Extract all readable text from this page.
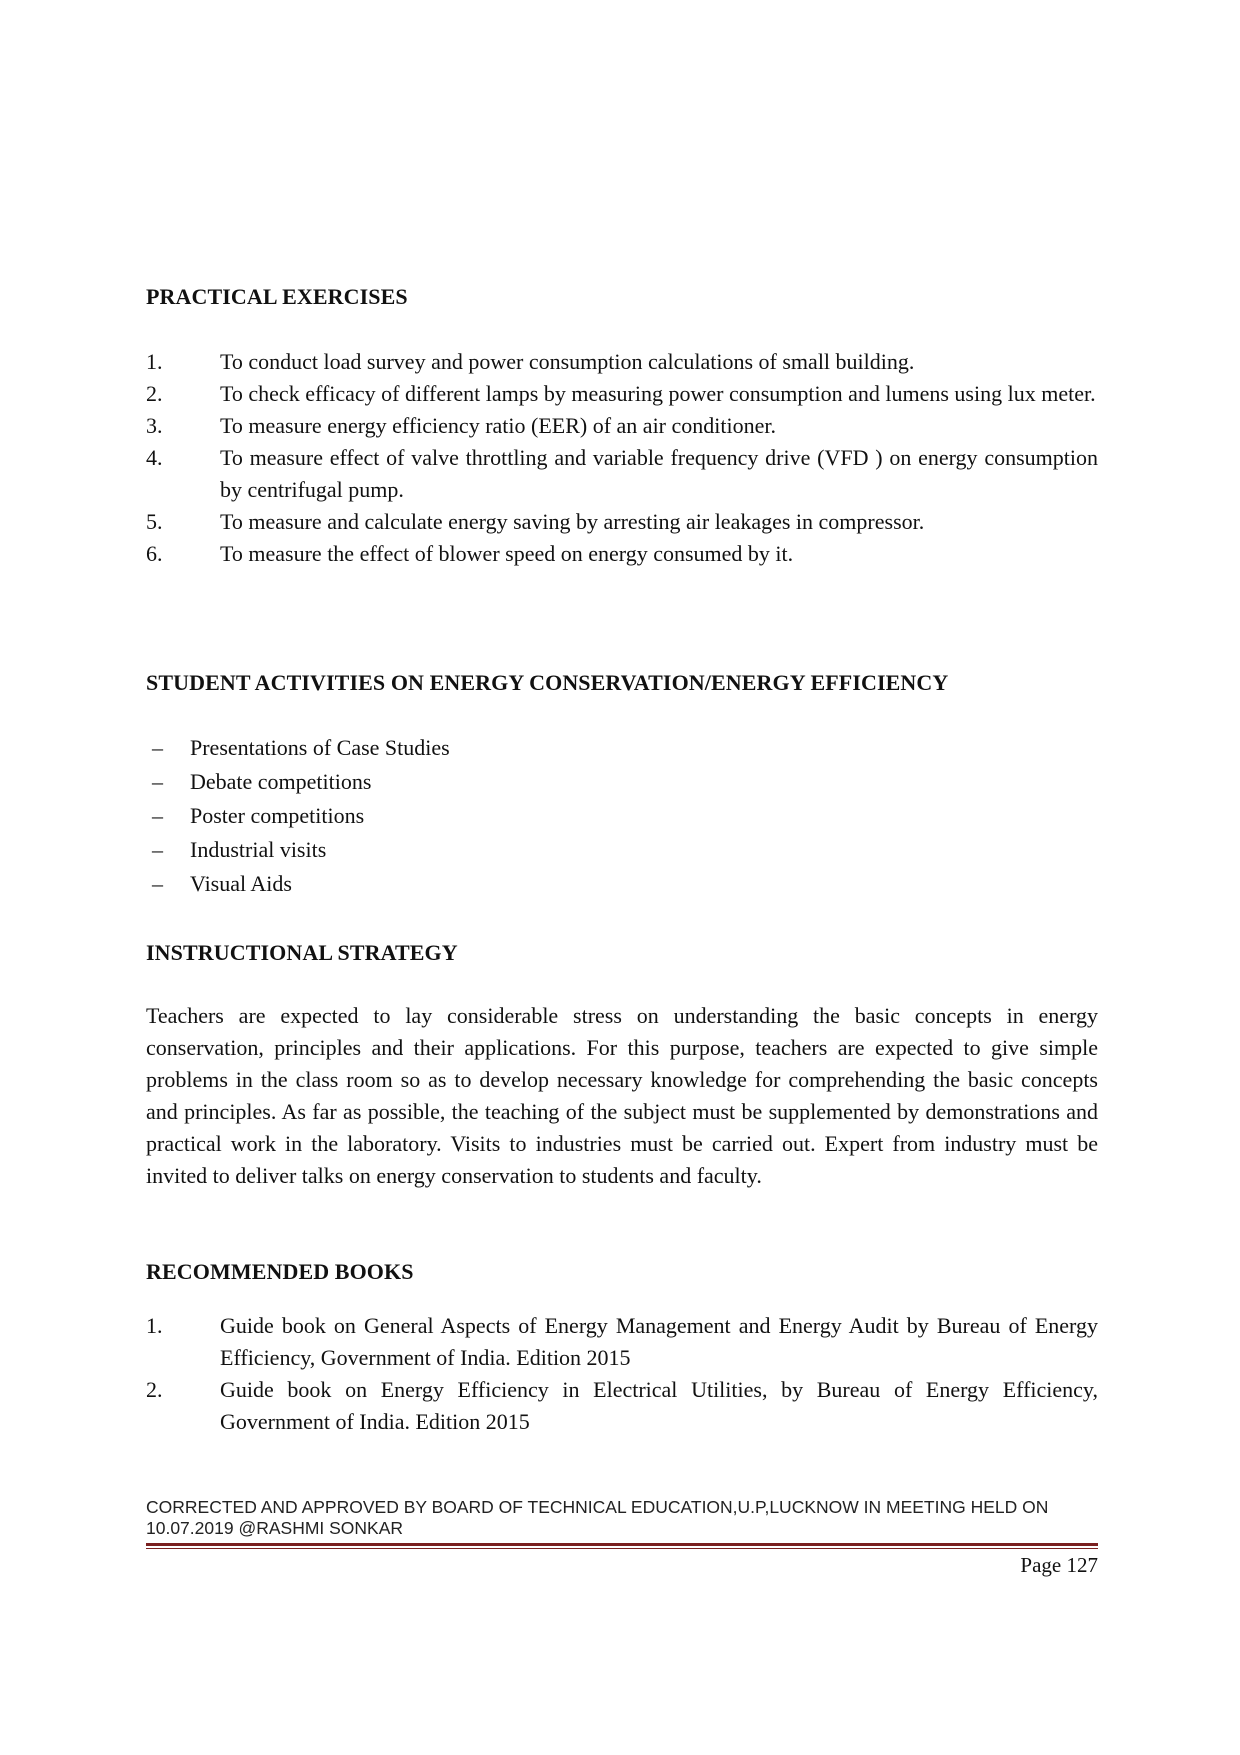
PRACTICAL EXERCISES
1.	To conduct load survey and power consumption calculations of small building.
2.	To check efficacy of different lamps by measuring power consumption and lumens using lux meter.
3.	To measure energy efficiency ratio (EER) of an air conditioner.
4.	To measure effect of valve throttling and variable frequency drive (VFD ) on energy consumption by centrifugal pump.
5.	To measure and calculate energy saving by arresting air leakages in compressor.
6.	To measure the effect of blower speed on energy consumed by it.
STUDENT ACTIVITIES ON ENERGY CONSERVATION/ENERGY EFFICIENCY
– Presentations of Case Studies
– Debate competitions
– Poster competitions
– Industrial visits
– Visual Aids
INSTRUCTIONAL STRATEGY

Teachers are expected to lay considerable stress on understanding the basic concepts in energy conservation, principles and their applications. For this purpose, teachers are expected to give simple problems in the class room so as to develop necessary knowledge for comprehending the basic concepts and principles. As far as possible, the teaching of the subject must be supplemented by demonstrations and practical work in the laboratory. Visits to industries must be carried out. Expert from industry must be invited to deliver talks on energy conservation to students and faculty.

RECOMMENDED BOOKS
1.	Guide book on General Aspects of Energy Management and Energy Audit by Bureau of Energy Efficiency, Government of India. Edition 2015
2.	Guide book on Energy Efficiency in Electrical Utilities, by Bureau of Energy Efficiency, Government of India. Edition 2015
CORRECTED AND APPROVED BY BOARD OF TECHNICAL EDUCATION,U.P,LUCKNOW IN MEETING HELD ON 10.07.2019 @RASHMI SONKAR
Page 127
